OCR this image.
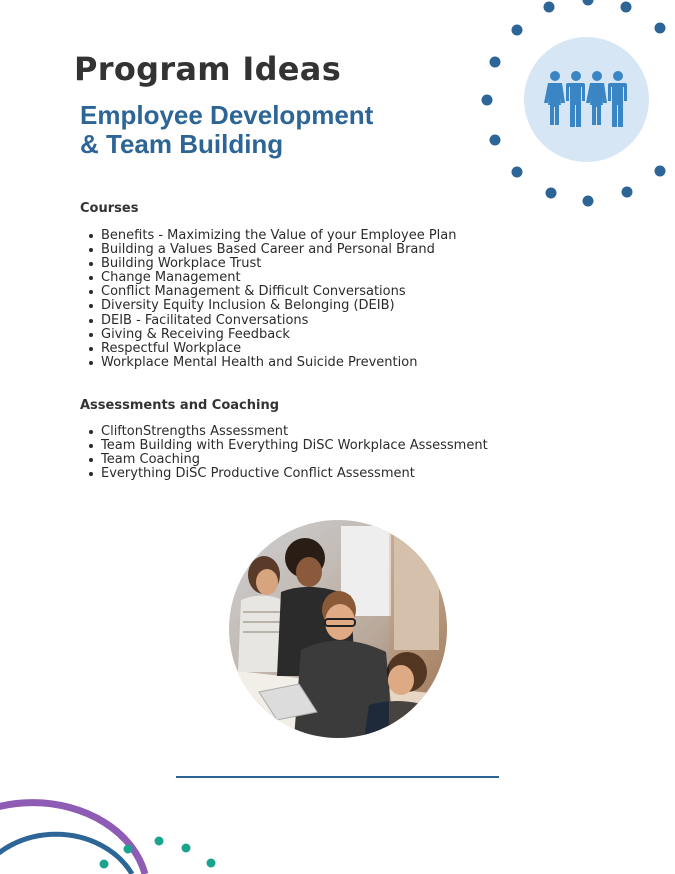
Program Ideas
Employee Development
& Team Building
Courses
Benefits - Maximizing the Value of your Employee Plan
Building a Values Based Career and Personal Brand
Building Workplace Trust
Change Management
Conflict Management & Difficult Conversations
Diversity Equity Inclusion & Belonging (DEIB)
DEIB - Facilitated Conversations
Giving & Receiving Feedback
Respectful Workplace
Workplace Mental Health and Suicide Prevention
Assessments and Coaching
CliftonStrengths Assessment
Team Building with Everything DiSC Workplace Assessment
Team Coaching
Everything DiSC Productive Conflict Assessment
